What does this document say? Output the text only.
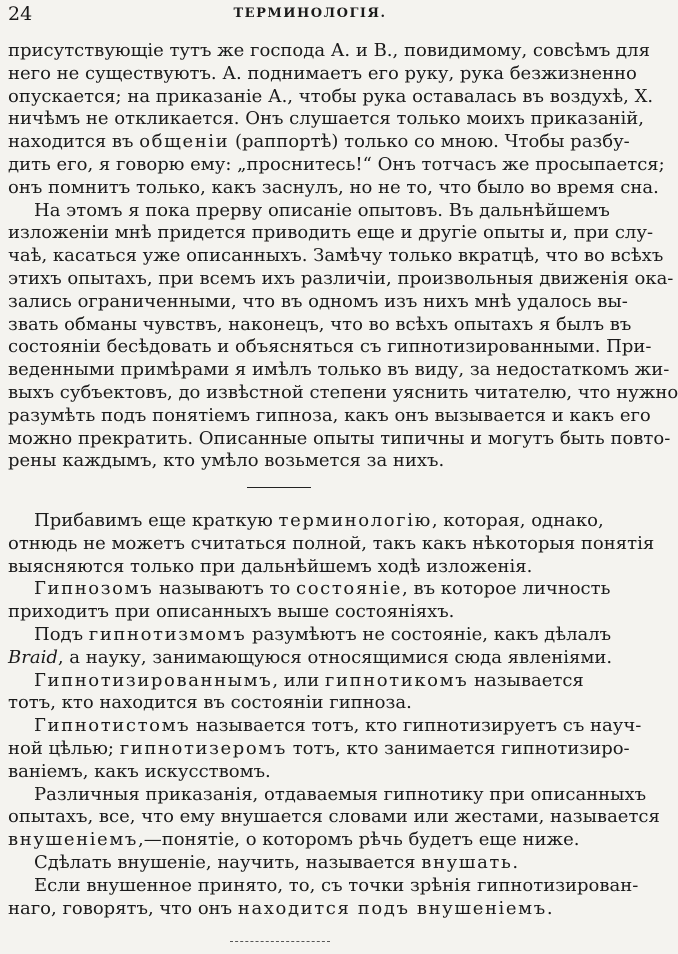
24	ТЕРМИНОЛОГІЯ.
присутствующіе тутъ же господа А. и В., повидимому, совсѣмъ для
него не существуютъ. А. поднимаетъ его руку, рука безжизненно
опускается; на приказаніе А., чтобы рука оставалась въ воздухѣ, Х.
ничѣмъ не откликается. Онъ слушается только моихъ приказаній,
находится въ общеніи (раппортѣ) только со мною. Чтобы разбу-
дить его, я говорю ему: „проснитесь!“ Онъ тотчасъ же просыпается;
онъ помнитъ только, какъ заснулъ, но не то, что было во время сна.
На этомъ я пока прерву описаніе опытовъ. Въ дальнѣйшемъ
изложеніи мнѣ придется приводить еще и другіе опыты и, при слу-
чаѣ, касаться уже описанныхъ. Замѣчу только вкратцѣ, что во всѣхъ
этихъ опытахъ, при всемъ ихъ различіи, произвольныя движенія ока-
зались ограниченными, что въ одномъ изъ нихъ мнѣ удалось вы-
звать обманы чувствъ, наконецъ, что во всѣхъ опытахъ я былъ въ
состояніи бесѣдовать и объясняться съ гипнотизированными. При-
веденными примѣрами я имѣлъ только въ виду, за недостаткомъ жи-
выхъ субъектовъ, до извѣстной степени уяснить читателю, что нужно
разумѣть подъ понятіемъ гипноза, какъ онъ вызывается и какъ его
можно прекратить. Описанные опыты типичны и могутъ быть повто-
рены каждымъ, кто умѣло возьмется за нихъ.
Прибавимъ еще краткую терминологію, которая, однако,
отнюдь не можетъ считаться полной, такъ какъ нѣкоторыя понятія
выясняются только при дальнѣйшемъ ходѣ изложенія.
Гипнозомъ называютъ то состояніе, въ которое личность
приходитъ при описанныхъ выше состояніяхъ.
Подъ гипнотизмомъ разумѣютъ не состояніе, какъ дѣлалъ
Braid, а науку, занимающуюся относящимися сюда явленіями.
Гипнотизированнымъ, или гипнотикомъ называется
тотъ, кто находится въ состояніи гипноза.
Гипнотистомъ называется тотъ, кто гипнотизируетъ съ науч-
ной цѣлью; гипнотизеромъ тотъ, кто занимается гипнотизиро-
ваніемъ, какъ искусствомъ.
Различныя приказанія, отдаваемыя гипнотику при описанныхъ
опытахъ, все, что ему внушается словами или жестами, называется
внушеніемъ,—понятіе, о которомъ рѣчь будетъ еще ниже.
Сдѣлать внушеніе, научить, называется внушать.
Если внушенное принято, то, съ точки зрѣнія гипнотизирован-
наго, говорятъ, что онъ находится подъ внушеніемъ.
